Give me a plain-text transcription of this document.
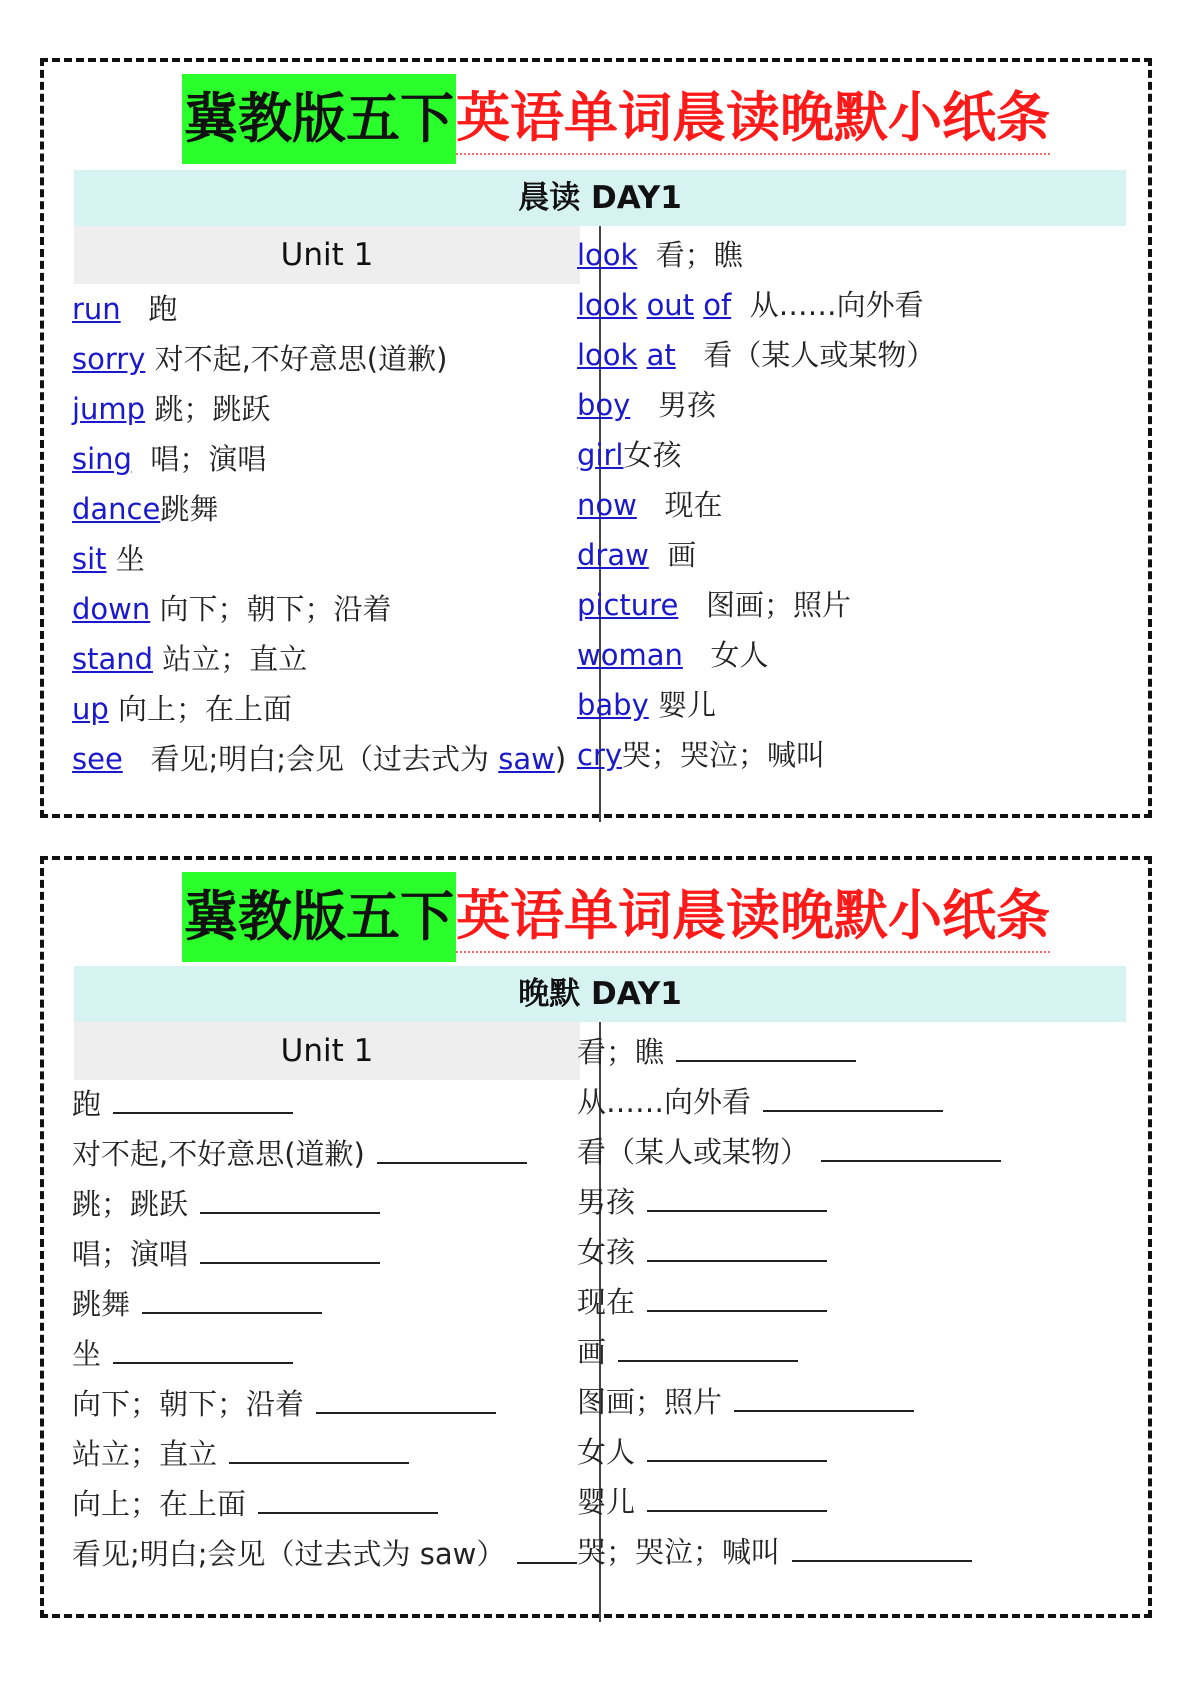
冀教版五下 英语单词晨读晚默小纸条
晨读 DAY1
Unit 1
run   跑
sorry 对不起,不好意思(道歉)
jump 跳；跳跃
sing  唱；演唱
dance跳舞
sit 坐
down 向下；朝下；沿着
stand 站立；直立
up 向上；在上面
see   看见;明白;会见（过去式为 saw)
look  看；瞧
look out of  从……向外看
look at   看（某人或某物）
boy   男孩
girl女孩
now   现在
draw  画
picture   图画；照片
woman   女人
baby 婴儿
cry哭；哭泣；喊叫
冀教版五下 英语单词晨读晚默小纸条
晚默 DAY1
Unit 1
跑
对不起,不好意思(道歉)
跳；跳跃
唱；演唱
跳舞
坐
向下；朝下；沿着
站立；直立
向上；在上面
看见;明白;会见（过去式为 saw）
看；瞧
从……向外看
看（某人或某物）
男孩
女孩
现在
画
图画；照片
女人
婴儿
哭；哭泣；喊叫
